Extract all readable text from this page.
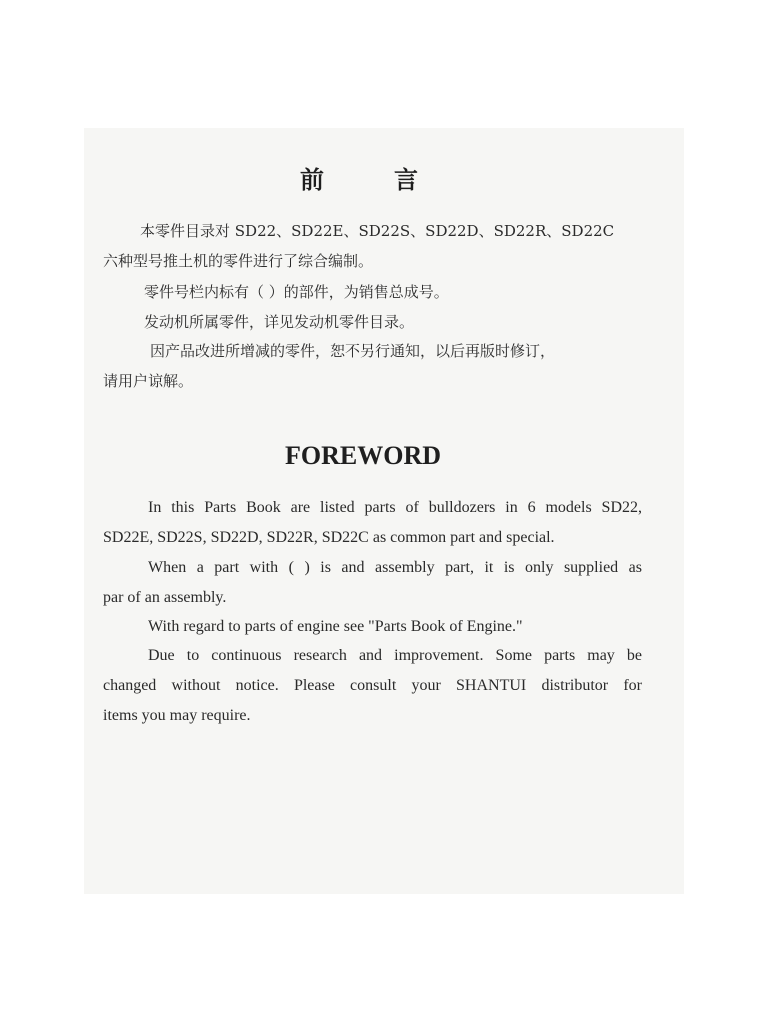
前言
本零件目录对 SD22、SD22E、SD22S、SD22D、SD22R、SD22C
六种型号推土机的零件进行了综合编制。
零件号栏内标有（ ）的部件，为销售总成号。
发动机所属零件，详见发动机零件目录。
因产品改进所增减的零件，恕不另行通知，以后再版时修订，
请用户谅解。
FOREWORD
In this Parts Book are listed parts of bulldozers in 6 models SD22,
SD22E, SD22S, SD22D, SD22R, SD22C as common part and special.
When a part with ( ) is and assembly part, it is only supplied as
par of an assembly.
With regard to parts of engine see "Parts Book of Engine."
Due to continuous research and improvement. Some parts may be
changed without notice. Please consult your SHANTUI distributor for
items you may require.
